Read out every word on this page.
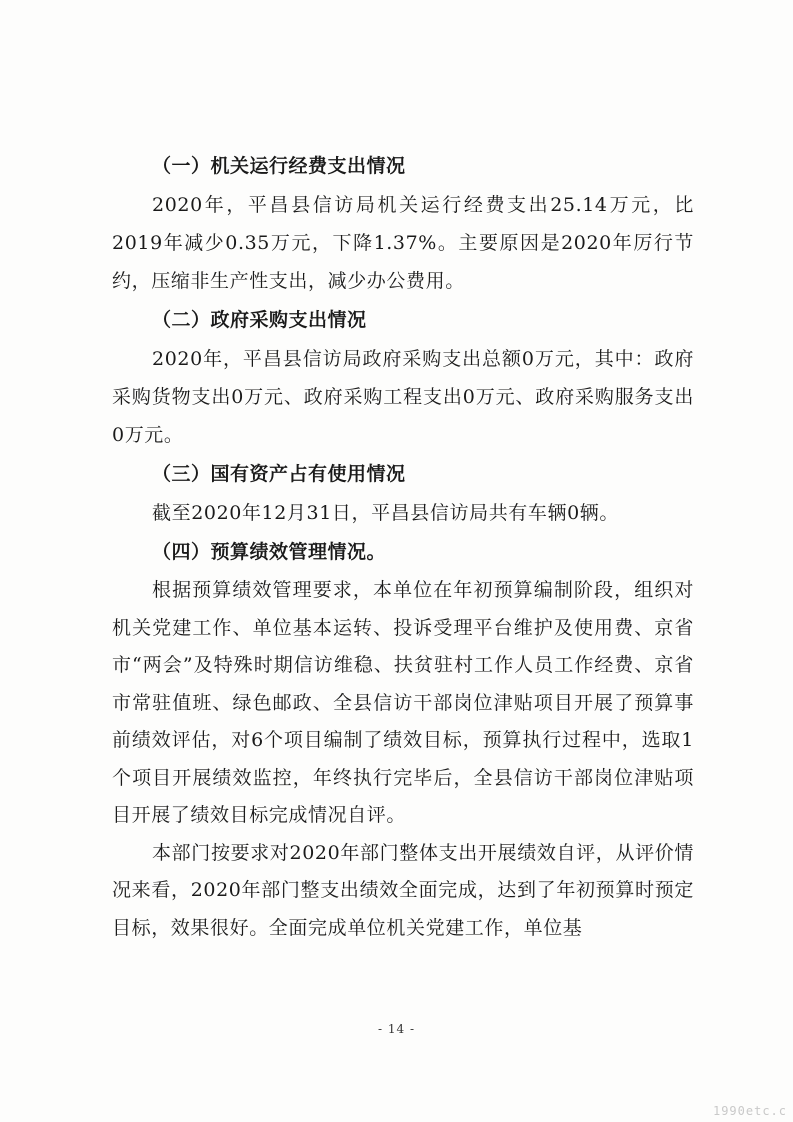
（一）机关运行经费支出情况

2020年，平昌县信访局机关运行经费支出25.14万元，比2019年减少0.35万元，下降1.37%。主要原因是2020年厉行节约，压缩非生产性支出，减少办公费用。

（二）政府采购支出情况

2020年，平昌县信访局政府采购支出总额0万元，其中：政府采购货物支出0万元、政府采购工程支出0万元、政府采购服务支出0万元。

（三）国有资产占有使用情况

截至2020年12月31日，平昌县信访局共有车辆0辆。

（四）预算绩效管理情况。

根据预算绩效管理要求，本单位在年初预算编制阶段，组织对机关党建工作、单位基本运转、投诉受理平台维护及使用费、京省市“两会”及特殊时期信访维稳、扶贫驻村工作人员工作经费、京省市常驻值班、绿色邮政、全县信访干部岗位津贴项目开展了预算事前绩效评估，对6个项目编制了绩效目标，预算执行过程中，选取1个项目开展绩效监控，年终执行完毕后，全县信访干部岗位津贴项目开展了绩效目标完成情况自评。

本部门按要求对2020年部门整体支出开展绩效自评，从评价情况来看，2020年部门整支出绩效全面完成，达到了年初预算时预定目标，效果很好。全面完成单位机关党建工作，单位基

- 14 -
1990etc.c
